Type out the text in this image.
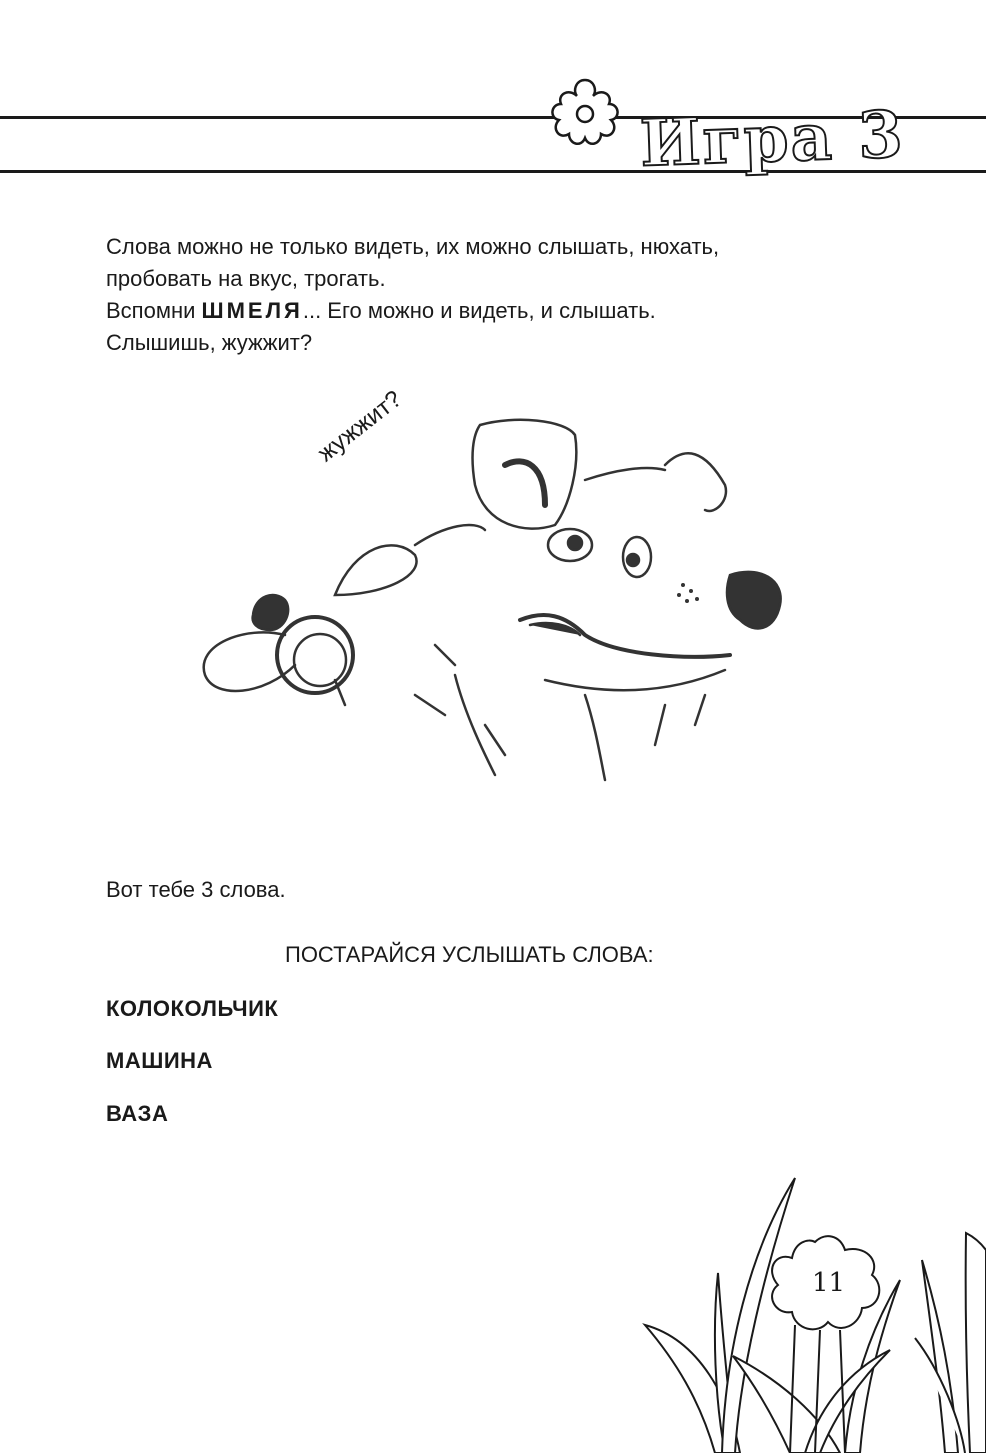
Игра 3

Слова можно не только видеть, их можно слышать, нюхать,

пробовать на вкус, трогать.

Вспомни ШМЕЛЯ... Его можно и видеть, и слышать.

Слышишь, жужжит?

жужжит?
Вот тебе 3 слова.
ПОСТАРАЙСЯ УСЛЫШАТЬ СЛОВА:
КОЛОКОЛЬЧИК
МАШИНА
ВАЗА
11
